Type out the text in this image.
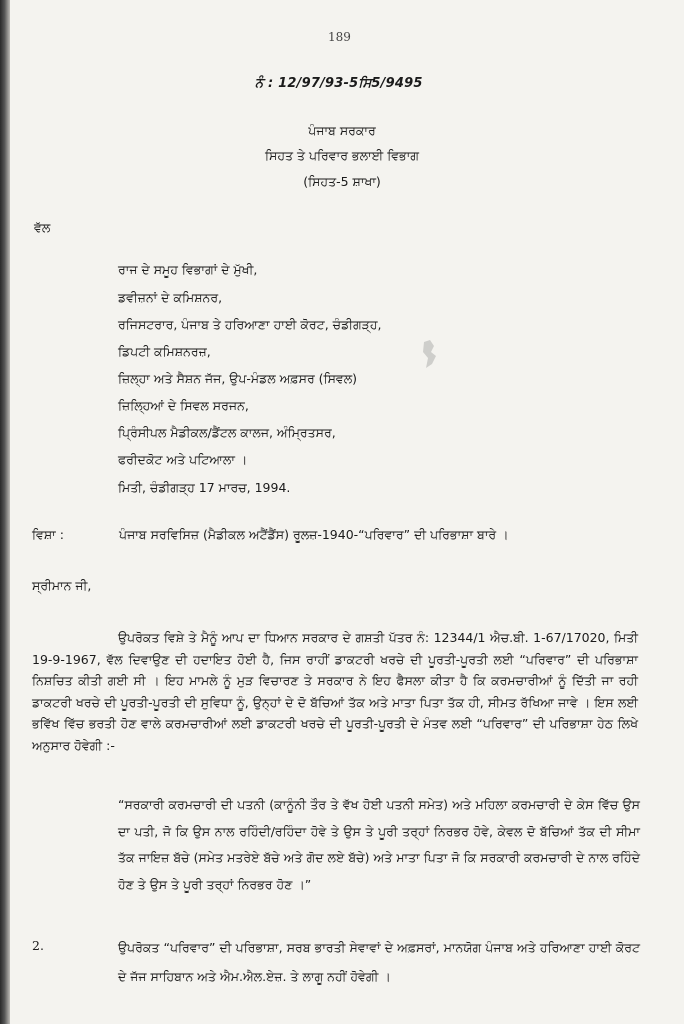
189
ਨੰ : 12/97/93-5ਸਿ5/9495
ਪੰਜਾਬ ਸਰਕਾਰ
ਸਿਹਤ ਤੇ ਪਰਿਵਾਰ ਭਲਾਈ ਵਿਭਾਗ
(ਸਿਹਤ-5 ਸ਼ਾਖਾ)
ਵੱਲ
ਰਾਜ ਦੇ ਸਮੂਹ ਵਿਭਾਗਾਂ ਦੇ ਮੁੱਖੀ,
ਡਵੀਜ਼ਨਾਂ ਦੇ ਕਮਿਸ਼ਨਰ,
ਰਜਿਸਟਰਾਰ, ਪੰਜਾਬ ਤੇ ਹਰਿਆਣਾ ਹਾਈ ਕੋਰਟ, ਚੰਡੀਗੜ੍ਹ,
ਡਿਪਟੀ ਕਮਿਸ਼ਨਰਜ਼,
ਜ਼ਿਲ੍ਹਾ ਅਤੇ ਸੈਸ਼ਨ ਜੱਜ, ਉਪ-ਮੰਡਲ ਅਫ਼ਸਰ (ਸਿਵਲ)
ਜ਼ਿਲ੍ਹਿਆਂ ਦੇ ਸਿਵਲ ਸਰਜਨ,
ਪ੍ਰਿੰਸੀਪਲ ਮੈਡੀਕਲ/ਡੈਂਟਲ ਕਾਲਜ, ਅੰਮ੍ਰਿਤਸਰ,
ਫਰੀਦਕੋਟ ਅਤੇ ਪਟਿਆਲਾ ।
ਮਿਤੀ, ਚੰਡੀਗੜ੍ਹ 17 ਮਾਰਚ, 1994.
ਵਿਸ਼ਾ :	ਪੰਜਾਬ ਸਰਵਿਸਿਜ਼ (ਮੈਡੀਕਲ ਅਟੈਂਡੈਂਸ) ਰੂਲਜ਼-1940-“ਪਰਿਵਾਰ” ਦੀ ਪਰਿਭਾਸ਼ਾ ਬਾਰੇ ।
ਸ੍ਰੀਮਾਨ ਜੀ,
ਉਪਰੋਕਤ ਵਿਸ਼ੇ ਤੇ ਮੈਨੂੰ ਆਪ ਦਾ ਧਿਆਨ ਸਰਕਾਰ ਦੇ ਗਸ਼ਤੀ ਪੱਤਰ ਨੰ: 12344/1 ਐਚ.ਬੀ. 1-67/17020, ਮਿਤੀ 19-9-1967, ਵੱਲ ਦਿਵਾਉਣ ਦੀ ਹਦਾਇਤ ਹੋਈ ਹੈ, ਜਿਸ ਰਾਹੀਂ ਡਾਕਟਰੀ ਖਰਚੇ ਦੀ ਪੂਰਤੀ-ਪੂਰਤੀ ਲਈ “ਪਰਿਵਾਰ” ਦੀ ਪਰਿਭਾਸ਼ਾ ਨਿਸ਼ਚਿਤ ਕੀਤੀ ਗਈ ਸੀ । ਇਹ ਮਾਮਲੇ ਨੂੰ ਮੁੜ ਵਿਚਾਰਣ ਤੇ ਸਰਕਾਰ ਨੇ ਇਹ ਫੈਸਲਾ ਕੀਤਾ ਹੈ ਕਿ ਕਰਮਚਾਰੀਆਂ ਨੂੰ ਦਿੱਤੀ ਜਾ ਰਹੀ ਡਾਕਟਰੀ ਖਰਚੇ ਦੀ ਪੂਰਤੀ-ਪੂਰਤੀ ਦੀ ਸੁਵਿਧਾ ਨੂੰ, ਉਨ੍ਹਾਂ ਦੇ ਦੋ ਬੱਚਿਆਂ ਤੱਕ ਅਤੇ ਮਾਤਾ ਪਿਤਾ ਤੱਕ ਹੀ, ਸੀਮਤ ਰੱਖਿਆ ਜਾਵੇ । ਇਸ ਲਈ ਭਵਿੱਖ ਵਿੱਚ ਭਰਤੀ ਹੋਣ ਵਾਲੇ ਕਰਮਚਾਰੀਆਂ ਲਈ ਡਾਕਟਰੀ ਖਰਚੇ ਦੀ ਪੂਰਤੀ-ਪੂਰਤੀ ਦੇ ਮੰਤਵ ਲਈ “ਪਰਿਵਾਰ” ਦੀ ਪਰਿਭਾਸ਼ਾ ਹੇਠ ਲਿਖੇ ਅਨੁਸਾਰ ਹੋਵੇਗੀ :-
“ਸਰਕਾਰੀ ਕਰਮਚਾਰੀ ਦੀ ਪਤਨੀ (ਕਾਨੂੰਨੀ ਤੌਰ ਤੇ ਵੱਖ ਹੋਈ ਪਤਨੀ ਸਮੇਤ) ਅਤੇ ਮਹਿਲਾ ਕਰਮਚਾਰੀ ਦੇ ਕੇਸ ਵਿੱਚ ਉਸ ਦਾ ਪਤੀ, ਜੋ ਕਿ ਉਸ ਨਾਲ ਰਹਿੰਦੀ/ਰਹਿੰਦਾ ਹੋਵੇ ਤੇ ਉਸ ਤੇ ਪੂਰੀ ਤਰ੍ਹਾਂ ਨਿਰਭਰ ਹੋਵੇ, ਕੇਵਲ ਦੋ ਬੱਚਿਆਂ ਤੱਕ ਦੀ ਸੀਮਾ ਤੱਕ ਜਾਇਜ਼ ਬੱਚੇ (ਸਮੇਤ ਮਤਰੇਏ ਬੱਚੇ ਅਤੇ ਗੋਦ ਲਏ ਬੱਚੇ) ਅਤੇ ਮਾਤਾ ਪਿਤਾ ਜੋ ਕਿ ਸਰਕਾਰੀ ਕਰਮਚਾਰੀ ਦੇ ਨਾਲ ਰਹਿੰਦੇ ਹੋਣ ਤੇ ਉਸ ਤੇ ਪੂਰੀ ਤਰ੍ਹਾਂ ਨਿਰਭਰ ਹੋਣ ।”
2.	ਉਪਰੋਕਤ “ਪਰਿਵਾਰ” ਦੀ ਪਰਿਭਾਸ਼ਾ, ਸਰਬ ਭਾਰਤੀ ਸੇਵਾਵਾਂ ਦੇ ਅਫ਼ਸਰਾਂ, ਮਾਨਯੋਗ ਪੰਜਾਬ ਅਤੇ ਹਰਿਆਣਾ ਹਾਈ ਕੋਰਟ ਦੇ ਜੱਜ ਸਾਹਿਬਾਨ ਅਤੇ ਐਮ.ਐਲ.ਏਜ਼. ਤੇ ਲਾਗੂ ਨਹੀਂ ਹੋਵੇਗੀ ।
